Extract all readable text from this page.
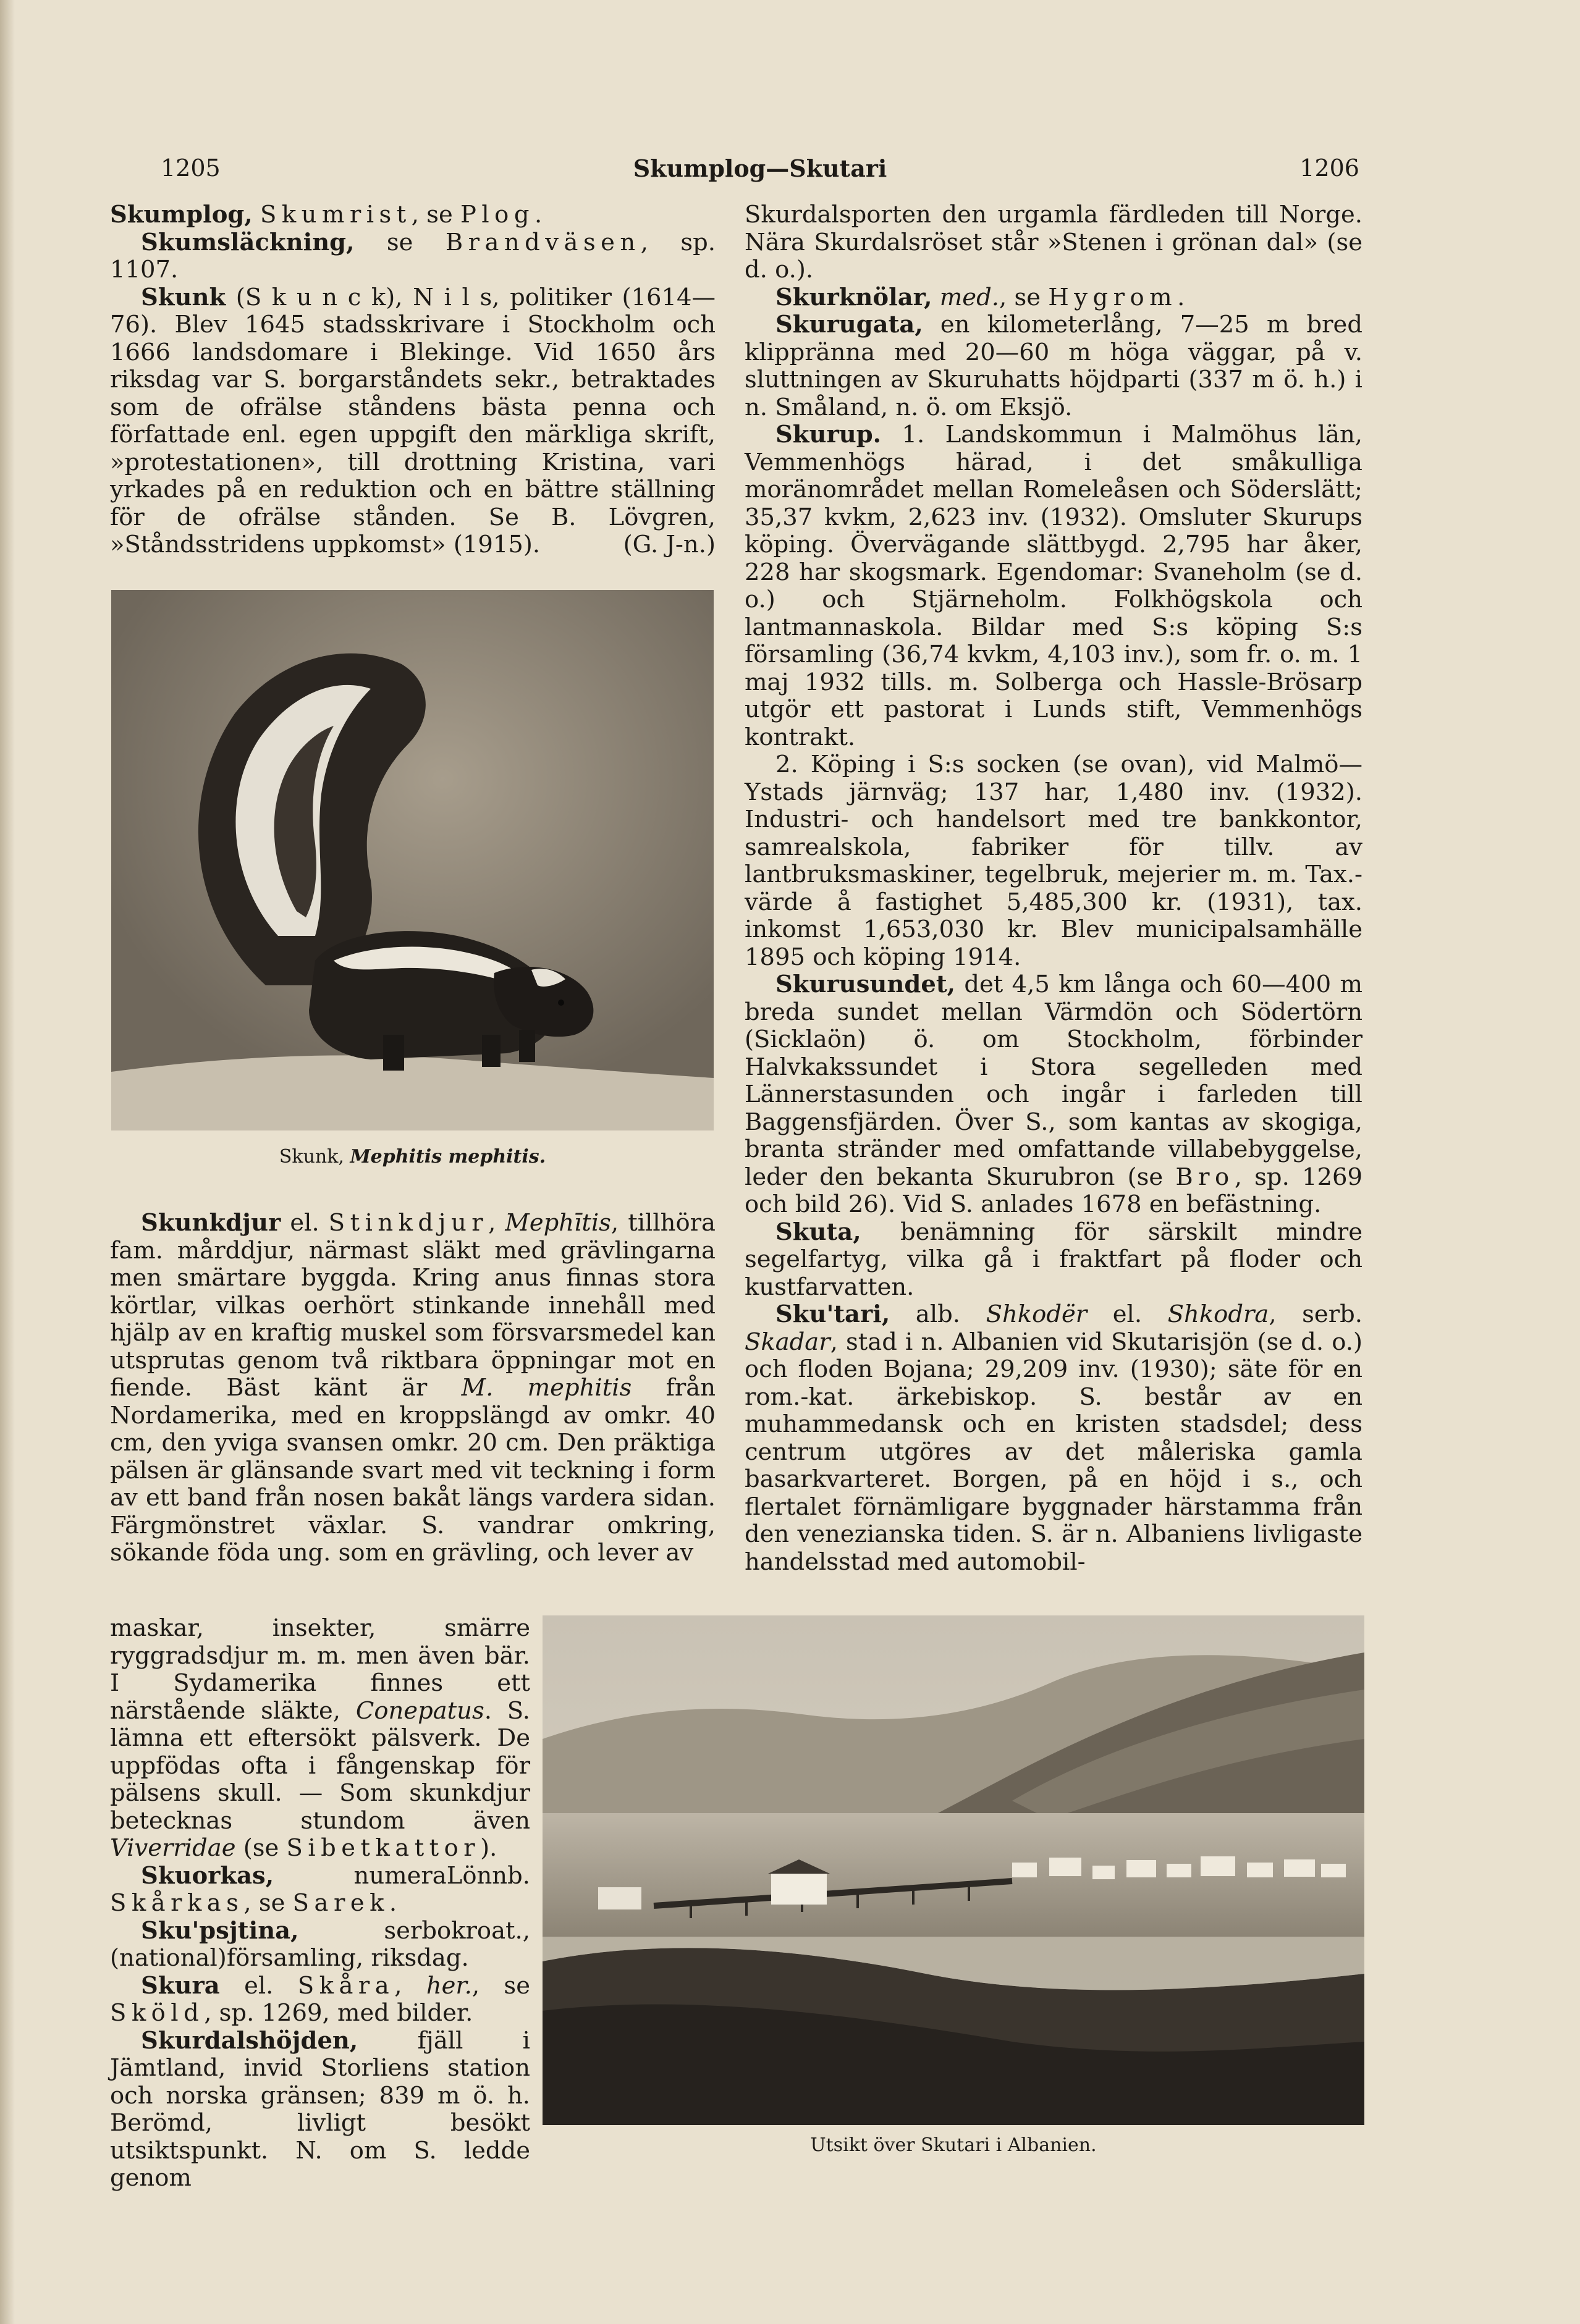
1205	Skumplog—Skutari	1206

Skumplog, Skumrist, se Plog.

Skumsläckning, se Brandväsen, sp. 1107.

Skunk (S k u n c k), N i l s, politiker (1614—76). Blev 1645 stadsskrivare i Stockholm och 1666 landsdomare i Blekinge. Vid 1650 års riksdag var S. borgarståndets sekr., betraktades som de ofrälse ståndens bästa penna och författade enl. egen uppgift den märkliga skrift, »protestationen», till drottning Kristina, vari yrkades på en reduktion och en bättre ställning för de ofrälse stånden. Se B. Lövgren, »Ståndsstridens uppkomst» (1915).	(G. J-n.)

Skunk, Mephitis mephitis.

Skunkdjur el. Stinkdjur, Mephītis, tillhöra fam. mårddjur, närmast släkt med grävlingarna men smärtare byggda. Kring anus finnas stora körtlar, vilkas oerhört stinkande innehåll med hjälp av en kraftig muskel som försvarsmedel kan utsprutas genom två riktbara öppningar mot en fiende. Bäst känt är M. mephitis från Nordamerika, med en kroppslängd av omkr. 40 cm, den yviga svansen omkr. 20 cm. Den präktiga pälsen är glänsande svart med vit teckning i form av ett band från nosen bakåt längs vardera sidan. Färgmönstret växlar. S. vandrar omkring, sökande föda ung. som en grävling, och lever av

maskar, insekter, smärre ryggradsdjur m. m. men även bär. I Sydamerika finnes ett närstående släkte, Conepatus. S. lämna ett eftersökt pälsverk. De uppfödas ofta i fångenskap för pälsens skull. — Som skunkdjur betecknas stundom även Viverridae (se Sibetkattor).
Lönnb.

Skuorkas, numera Skårkas, se Sarek.

Sku'psjtina, serbokroat., (national)församling, riksdag.

Skura el. Skåra, her., se Sköld, sp. 1269, med bilder.

Skurdalshöjden, fjäll i Jämtland, invid Storliens station och norska gränsen; 839 m ö. h. Berömd, livligt besökt utsiktspunkt. N. om S. ledde genom

Skurdalsporten den urgamla färdleden till Norge. Nära Skurdalsröset står »Stenen i grönan dal» (se d. o.).

Skurknölar, med., se Hygrom.

Skurugata, en kilometerlång, 7—25 m bred klippränna med 20—60 m höga väggar, på v. sluttningen av Skuruhatts höjdparti (337 m ö. h.) i n. Småland, n. ö. om Eksjö.

Skurup. 1. Landskommun i Malmöhus län, Vemmenhögs härad, i det småkulliga moränområdet mellan Romeleåsen och Söderslätt; 35,37 kvkm, 2,623 inv. (1932). Omsluter Skurups köping. Övervägande slättbygd. 2,795 har åker, 228 har skogsmark. Egendomar: Svaneholm (se d. o.) och Stjärneholm. Folkhögskola och lantmannaskola. Bildar med S:s köping S:s församling (36,74 kvkm, 4,103 inv.), som fr. o. m. 1 maj 1932 tills. m. Solberga och Hassle-Brösarp utgör ett pastorat i Lunds stift, Vemmenhögs kontrakt.

2. Köping i S:s socken (se ovan), vid Malmö—Ystads järnväg; 137 har, 1,480 inv. (1932). Industri- och handelsort med tre bankkontor, samrealskola, fabriker för tillv. av lantbruksmaskiner, tegelbruk, mejerier m. m. Tax.-värde å fastighet 5,485,300 kr. (1931), tax. inkomst 1,653,030 kr. Blev municipalsamhälle 1895 och köping 1914.

Skurusundet, det 4,5 km långa och 60—400 m breda sundet mellan Värmdön och Södertörn (Sicklaön) ö. om Stockholm, förbinder Halvkakssundet i Stora segelleden med Lännerstasunden och ingår i farleden till Baggensfjärden. Över S., som kantas av skogiga, branta stränder med omfattande villabebyggelse, leder den bekanta Skurubron (se Bro, sp. 1269 och bild 26). Vid S. anlades 1678 en befästning.

Skuta, benämning för särskilt mindre segelfartyg, vilka gå i fraktfart på floder och kustfarvatten.

Sku'tari, alb. Shkodër el. Shkodra, serb. Skadar, stad i n. Albanien vid Skutarisjön (se d. o.) och floden Bojana; 29,209 inv. (1930); säte för en rom.-kat. ärkebiskop. S. består av en muhammedansk och en kristen stadsdel; dess centrum utgöres av det måleriska gamla basarkvarteret. Borgen, på en höjd i s., och flertalet förnämligare byggnader härstamma från den venezianska tiden. S. är n. Albaniens livligaste handelsstad med automobil-

Utsikt över Skutari i Albanien.
